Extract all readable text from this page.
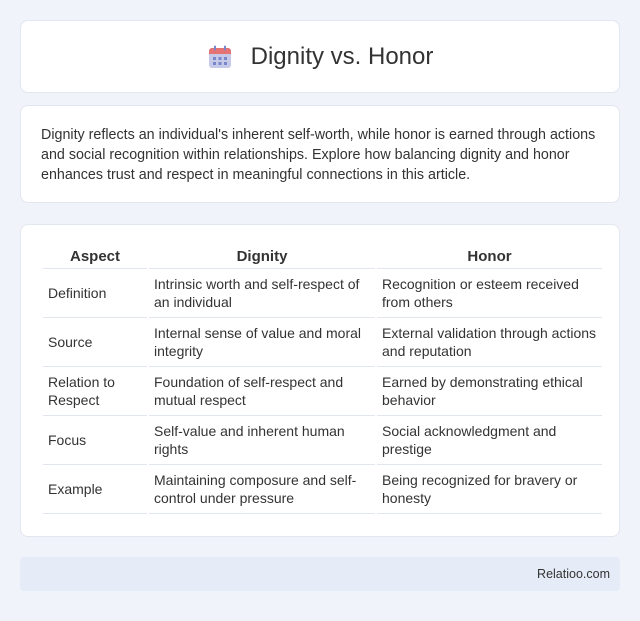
Dignity vs. Honor

Dignity reflects an individual's inherent self-worth, while honor is earned through actions and social recognition within relationships. Explore how balancing dignity and honor enhances trust and respect in meaningful connections in this article.

Aspect	Dignity	Honor
Definition	Intrinsic worth and self-respect of an individual	Recognition or esteem received from others
Source	Internal sense of value and moral integrity	External validation through actions and reputation
Relation to Respect	Foundation of self-respect and mutual respect	Earned by demonstrating ethical behavior
Focus	Self-value and inherent human rights	Social acknowledgment and prestige
Example	Maintaining composure and self-control under pressure	Being recognized for bravery or honesty
Relatioo.com
